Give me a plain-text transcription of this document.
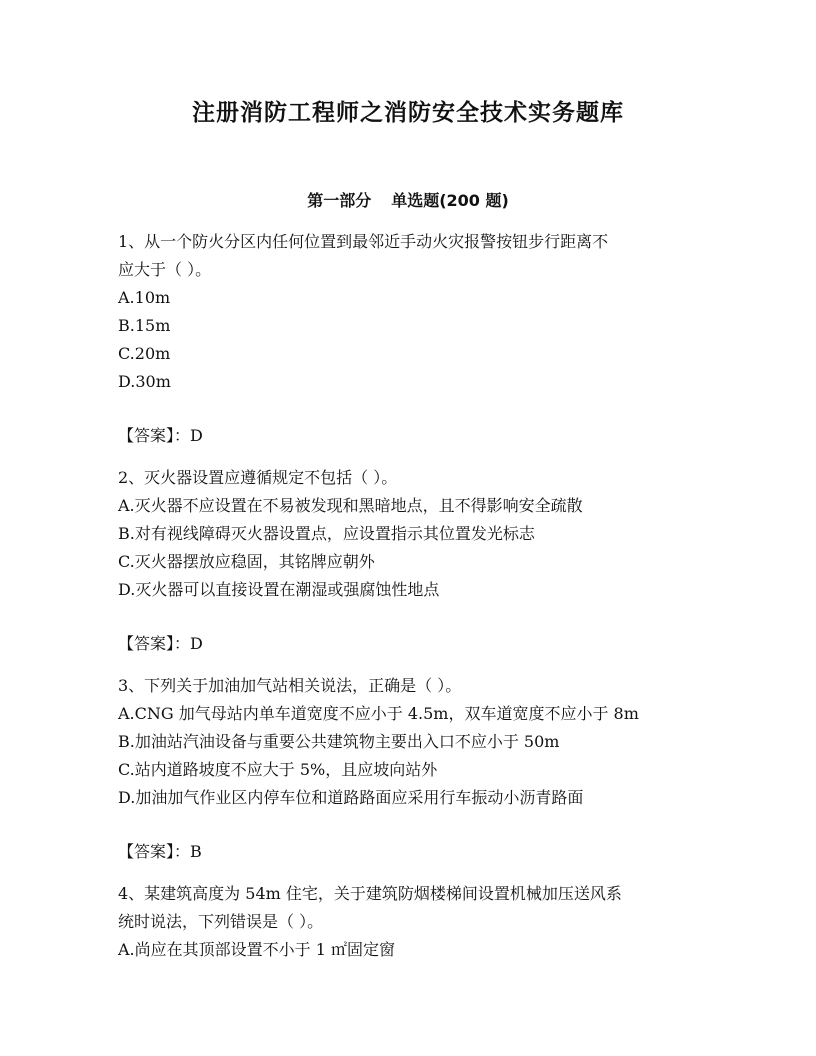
注册消防工程师之消防安全技术实务题库
第一部分 单选题(200 题)

1、从一个防火分区内任何位置到最邻近手动火灾报警按钮步行距离不

应大于（ ）。

A.10m

B.15m

C.20m

D.30m

【答案】：D

2、灭火器设置应遵循规定不包括（ ）。

A.灭火器不应设置在不易被发现和黑暗地点，且不得影响安全疏散

B.对有视线障碍灭火器设置点，应设置指示其位置发光标志

C.灭火器摆放应稳固，其铭牌应朝外

D.灭火器可以直接设置在潮湿或强腐蚀性地点

【答案】：D

3、下列关于加油加气站相关说法，正确是（ ）。

A.CNG 加气母站内单车道宽度不应小于 4.5m，双车道宽度不应小于 8m

B.加油站汽油设备与重要公共建筑物主要出入口不应小于 50m

C.站内道路坡度不应大于 5%，且应坡向站外

D.加油加气作业区内停车位和道路路面应采用行车振动小沥青路面

【答案】：B

4、某建筑高度为 54m 住宅，关于建筑防烟楼梯间设置机械加压送风系

统时说法，下列错误是（ ）。

A.尚应在其顶部设置不小于 1 ㎡固定窗
